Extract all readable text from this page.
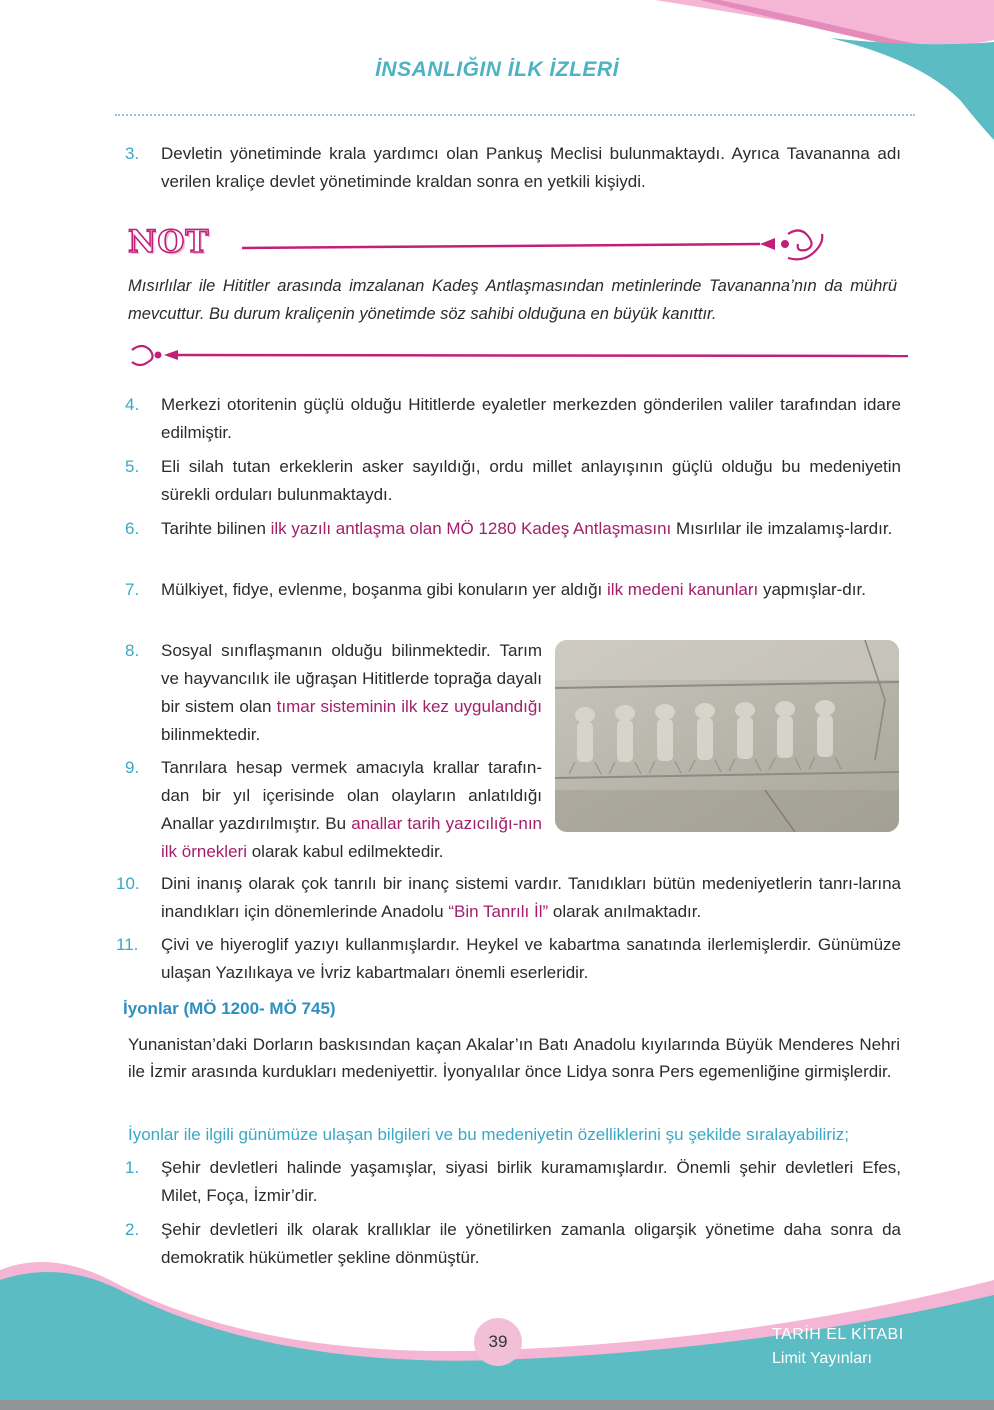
İNSANLIĞIN İLK İZLERİ
3.	Devletin yönetiminde krala yardımcı olan Pankuş Meclisi bulunmaktaydı. Ayrıca Tavananna adı verilen kraliçe devlet yönetiminde kraldan sonra en yetkili kişiydi.
NOT
Mısırlılar ile Hititler arasında imzalanan Kadeş Antlaşmasından metinlerinde Tavananna’nın da mührü mevcuttur. Bu durum kraliçenin yönetimde söz sahibi olduğuna en büyük kanıttır.
4.	Merkezi otoritenin güçlü olduğu Hititlerde eyaletler merkezden gönderilen valiler tarafından idare edilmiştir.
5.	Eli silah tutan erkeklerin asker sayıldığı, ordu millet anlayışının güçlü olduğu bu medeniyetin sürekli orduları bulunmaktaydı.
6.	Tarihte bilinen ilk yazılı antlaşma olan MÖ 1280 Kadeş Antlaşmasını Mısırlılar ile imzalamış-lardır.
7.	Mülkiyet, fidye, evlenme, boşanma gibi konuların yer aldığı ilk medeni kanunları yapmışlar-dır.
8.	Sosyal sınıflaşmanın olduğu bilinmektedir. Tarım ve hayvancılık ile uğraşan Hititlerde toprağa dayalı bir sistem olan tımar sisteminin ilk kez uygulandığı bilinmektedir.
9.	Tanrılara hesap vermek amacıyla krallar tarafın-dan bir yıl içerisinde olan olayların anlatıldığı Anallar yazdırılmıştır. Bu anallar tarih yazıcılığı-nın ilk örnekleri olarak kabul edilmektedir.
10.	Dini inanış olarak çok tanrılı bir inanç sistemi vardır. Tanıdıkları bütün medeniyetlerin tanrı-larına inandıkları için dönemlerinde Anadolu “Bin Tanrılı İl” olarak anılmaktadır.
11.	Çivi ve hiyeroglif yazıyı kullanmışlardır. Heykel ve kabartma sanatında ilerlemişlerdir. Günümüze ulaşan Yazılıkaya ve İvriz kabartmaları önemli eserleridir.
İyonlar (MÖ 1200- MÖ 745)
Yunanistan’daki Dorların baskısından kaçan Akalar’ın Batı Anadolu kıyılarında Büyük Menderes Nehri ile İzmir arasında kurdukları medeniyettir. İyonyalılar önce Lidya sonra Pers egemenliğine girmişlerdir.
İyonlar ile ilgili günümüze ulaşan bilgileri ve bu medeniyetin özelliklerini şu şekilde sıralayabiliriz;
1.	Şehir devletleri halinde yaşamışlar, siyasi birlik kuramamışlardır. Önemli şehir devletleri Efes, Milet, Foça, İzmir’dir.
2.	Şehir devletleri ilk olarak krallıklar ile yönetilirken zamanla oligarşik yönetime daha sonra da demokratik hükümetler şekline dönmüştür.
39	TARİH EL KİTABI
Limit Yayınları
